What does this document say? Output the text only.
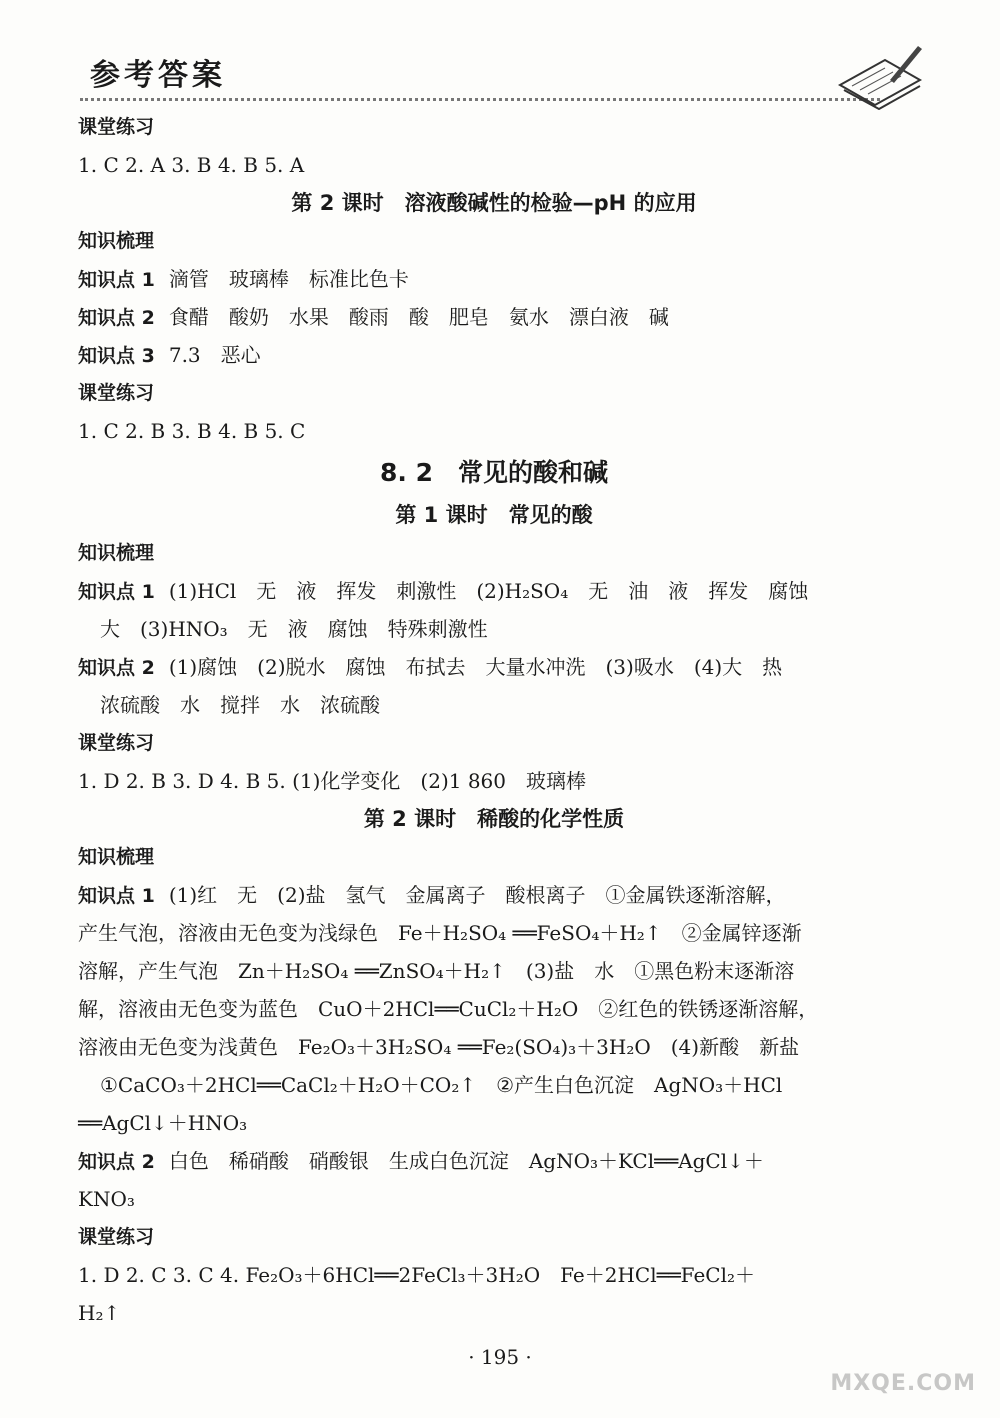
参考答案
课堂练习
1. C 2. A 3. B 4. B 5. A
第 2 课时　溶液酸碱性的检验—pH 的应用
知识梳理
知识点 1 滴管　玻璃棒　标准比色卡
知识点 2 食醋　酸奶　水果　酸雨　酸　肥皂　氨水　漂白液　碱
知识点 3 7.3　恶心
课堂练习
1. C 2. B 3. B 4. B 5. C
8. 2　常见的酸和碱
第 1 课时　常见的酸
知识梳理
知识点 1 (1)HCl　无　液　挥发　刺激性　(2)H₂SO₄　无　油　液　挥发　腐蚀
大　(3)HNO₃　无　液　腐蚀　特殊刺激性
知识点 2 (1)腐蚀　(2)脱水　腐蚀　布拭去　大量水冲洗　(3)吸水　(4)大　热
浓硫酸　水　搅拌　水　浓硫酸
课堂练习
1. D 2. B 3. D 4. B 5. (1)化学变化　(2)1 860　玻璃棒
第 2 课时　稀酸的化学性质
知识梳理
知识点 1 (1)红　无　(2)盐　氢气　金属离子　酸根离子　①金属铁逐渐溶解，
产生气泡，溶液由无色变为浅绿色　Fe＋H₂SO₄ ══FeSO₄＋H₂↑　②金属锌逐渐
溶解，产生气泡　Zn＋H₂SO₄ ══ZnSO₄＋H₂↑　(3)盐　水　①黑色粉末逐渐溶
解，溶液由无色变为蓝色　CuO＋2HCl══CuCl₂＋H₂O　②红色的铁锈逐渐溶解，
溶液由无色变为浅黄色　Fe₂O₃＋3H₂SO₄ ══Fe₂(SO₄)₃＋3H₂O　(4)新酸　新盐
①CaCO₃＋2HCl══CaCl₂＋H₂O＋CO₂↑　②产生白色沉淀　AgNO₃＋HCl
══AgCl↓＋HNO₃
知识点 2 白色　稀硝酸　硝酸银　生成白色沉淀　AgNO₃＋KCl══AgCl↓＋
KNO₃
课堂练习
1. D 2. C 3. C 4. Fe₂O₃＋6HCl══2FeCl₃＋3H₂O　Fe＋2HCl══FeCl₂＋
H₂↑
· 195 ·
MXQE.COM
